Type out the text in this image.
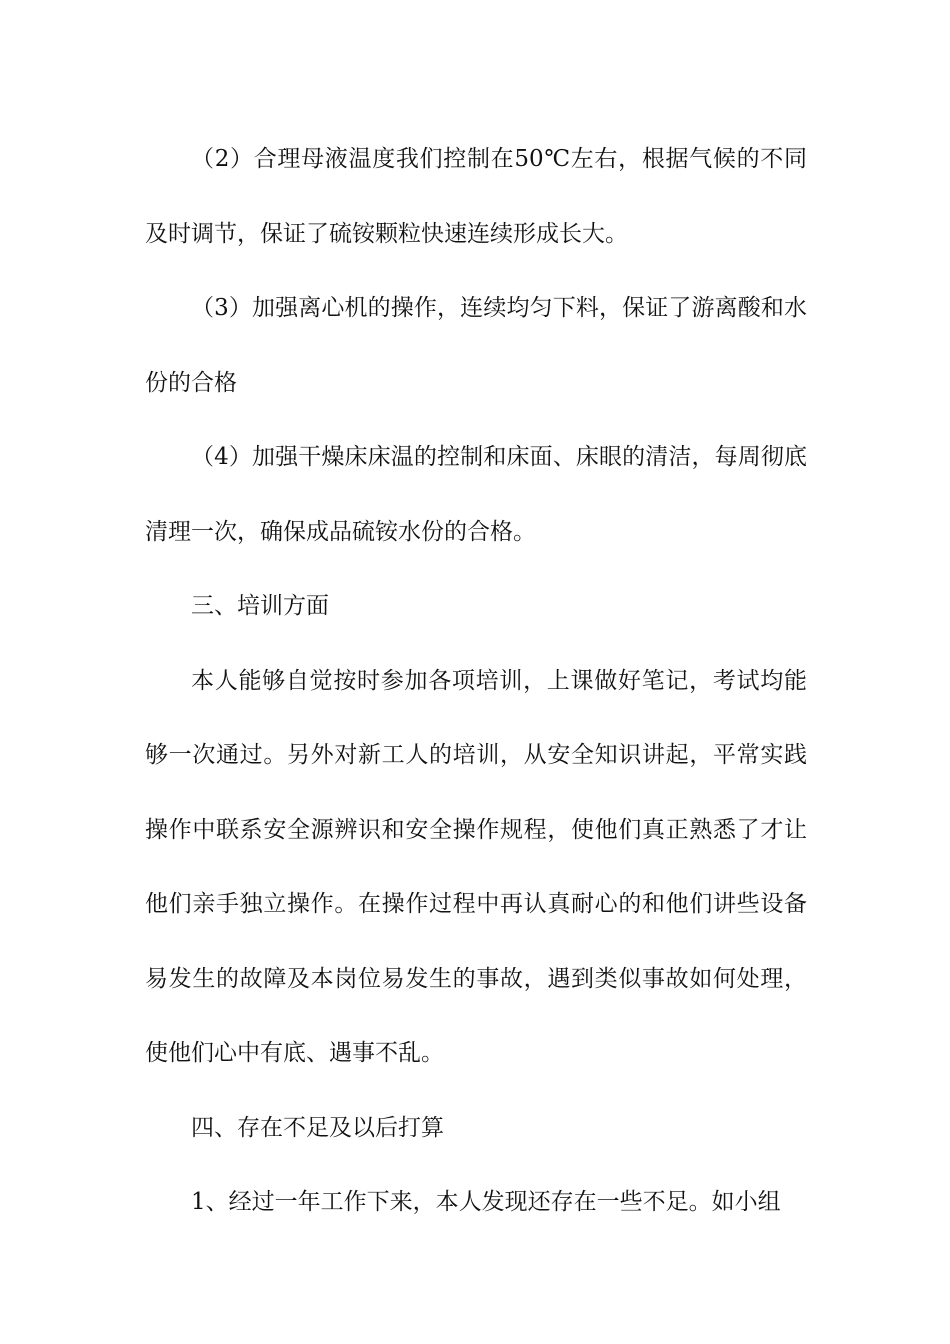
（2）合理母液温度我们控制在50℃左右，根据气候的不同及时调节，保证了硫铵颗粒快速连续形成长大。

（3）加强离心机的操作，连续均匀下料，保证了游离酸和水份的合格

（4）加强干燥床床温的控制和床面、床眼的清洁，每周彻底清理一次，确保成品硫铵水份的合格。

三、培训方面

本人能够自觉按时参加各项培训，上课做好笔记，考试均能够一次通过。另外对新工人的培训，从安全知识讲起，平常实践操作中联系安全源辨识和安全操作规程，使他们真正熟悉了才让他们亲手独立操作。在操作过程中再认真耐心的和他们讲些设备易发生的故障及本岗位易发生的事故，遇到类似事故如何处理，使他们心中有底、遇事不乱。

四、存在不足及以后打算

1、经过一年工作下来，本人发现还存在一些不足。如小组
